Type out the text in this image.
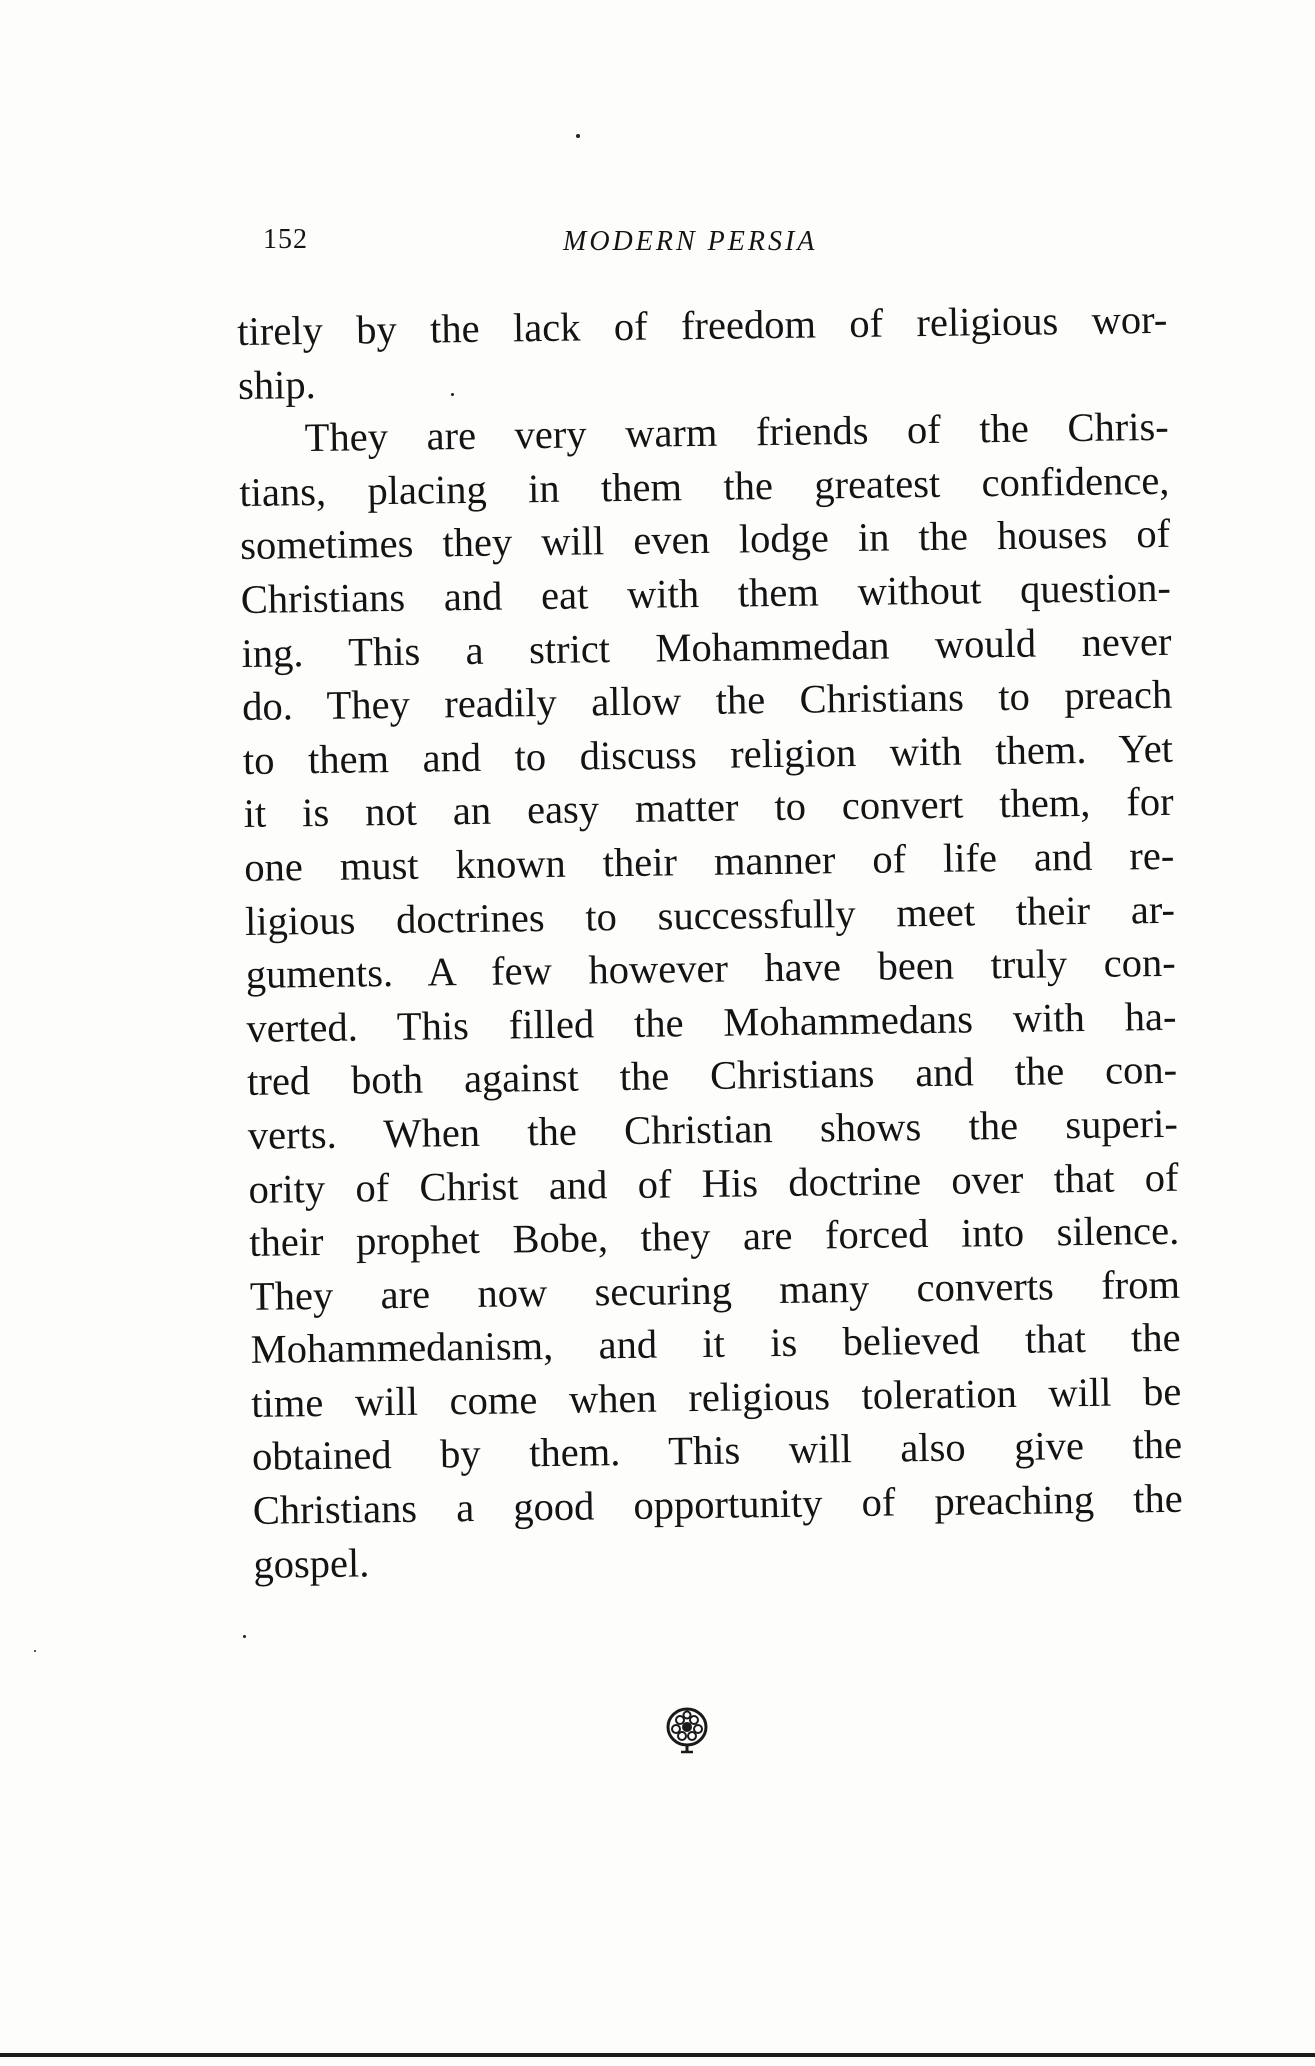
152	MODERN PERSIA
tirely by the lack of freedom of religious wor-
ship.
They are very warm friends of the Chris-
tians, placing in them the greatest confidence,
sometimes they will even lodge in the houses of
Christians and eat with them without question-
ing. This a strict Mohammedan would never
do. They readily allow the Christians to preach
to them and to discuss religion with them. Yet
it is not an easy matter to convert them, for
one must known their manner of life and re-
ligious doctrines to successfully meet their ar-
guments. A few however have been truly con-
verted. This filled the Mohammedans with ha-
tred both against the Christians and the con-
verts. When the Christian shows the superi-
ority of Christ and of His doctrine over that of
their prophet Bobe, they are forced into silence.
They are now securing many converts from
Mohammedanism, and it is believed that the
time will come when religious toleration will be
obtained by them. This will also give the
Christians a good opportunity of preaching the
gospel.
